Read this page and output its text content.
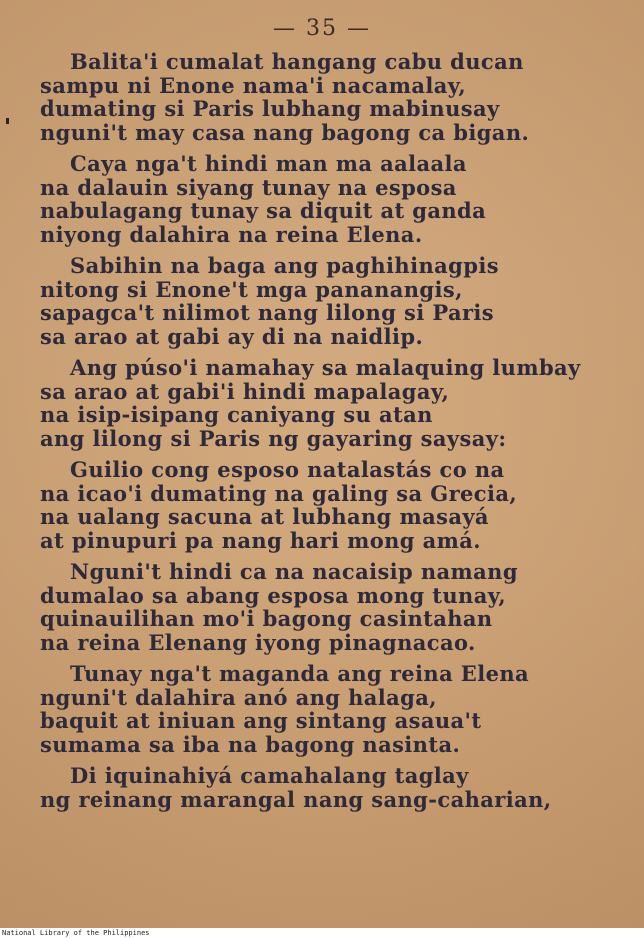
— 35 —
Balita'i cumalat hangang cabu ducan
sampu ni Enone nama'i nacamalay,
dumating si Paris lubhang mabinusay
nguni't may casa nang bagong ca bigan.
Caya nga't hindi man ma aalaala
na dalauin siyang tunay na esposa
nabulagang tunay sa diquit at ganda
niyong dalahira na reina Elena.
Sabihin na baga ang paghihinagpis
nitong si Enone't mga pananangis,
sapagca't nilimot nang lilong si Paris
sa arao at gabi ay di na naidlip.
Ang púso'i namahay sa malaquing lumbay
sa arao at gabi'i hindi mapalagay,
na isip-isipang caniyang su atan
ang lilong si Paris ng gayaring saysay:
Guilio cong esposo natalastás co na
na icao'i dumating na galing sa Grecia,
na ualang sacuna at lubhang masayá
at pinupuri pa nang hari mong amá.
Nguni't hindi ca na nacaisip namang
dumalao sa abang esposa mong tunay,
quinauilihan mo'i bagong casintahan
na reina Elenang iyong pinagnacao.
Tunay nga't maganda ang reina Elena
nguni't dalahira anó ang halaga,
baquit at iniuan ang sintang asaua't
sumama sa iba na bagong nasinta.
Di iquinahiyá camahalang taglay
ng reinang marangal nang sang-caharian,
National Library of the Philippines
